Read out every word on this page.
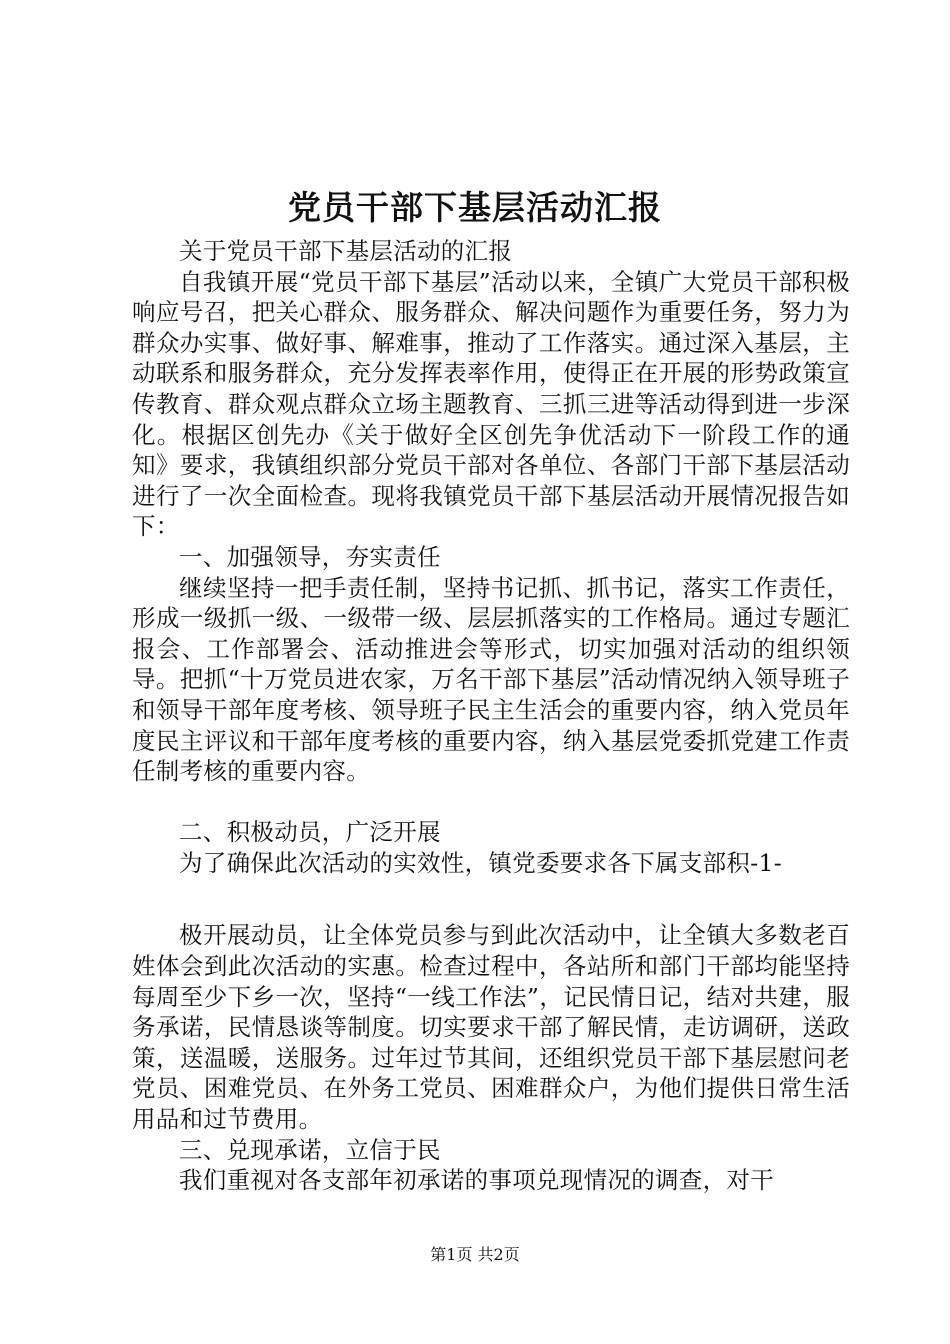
党员干部下基层活动汇报

关于党员干部下基层活动的汇报

自我镇开展“党员干部下基层”活动以来，全镇广大党员干部积极响应号召，把关心群众、服务群众、解决问题作为重要任务，努力为群众办实事、做好事、解难事，推动了工作落实。通过深入基层，主动联系和服务群众，充分发挥表率作用，使得正在开展的形势政策宣传教育、群众观点群众立场主题教育、三抓三进等活动得到进一步深化。根据区创先办《关于做好全区创先争优活动下一阶段工作的通知》要求，我镇组织部分党员干部对各单位、各部门干部下基层活动进行了一次全面检查。现将我镇党员干部下基层活动开展情况报告如下：

一、加强领导，夯实责任

继续坚持一把手责任制，坚持书记抓、抓书记，落实工作责任，形成一级抓一级、一级带一级、层层抓落实的工作格局。通过专题汇报会、工作部署会、活动推进会等形式，切实加强对活动的组织领导。把抓“十万党员进农家，万名干部下基层”活动情况纳入领导班子和领导干部年度考核、领导班子民主生活会的重要内容，纳入党员年度民主评议和干部年度考核的重要内容，纳入基层党委抓党建工作责任制考核的重要内容。

二、积极动员，广泛开展

为了确保此次活动的实效性，镇党委要求各下属支部积-1-

极开展动员，让全体党员参与到此次活动中，让全镇大多数老百姓体会到此次活动的实惠。检查过程中，各站所和部门干部均能坚持每周至少下乡一次，坚持“一线工作法”，记民情日记，结对共建，服务承诺，民情恳谈等制度。切实要求干部了解民情，走访调研，送政策，送温暖，送服务。过年过节其间，还组织党员干部下基层慰问老党员、困难党员、在外务工党员、困难群众户，为他们提供日常生活用品和过节费用。

三、兑现承诺，立信于民

我们重视对各支部年初承诺的事项兑现情况的调查，对干

第1页 共2页
